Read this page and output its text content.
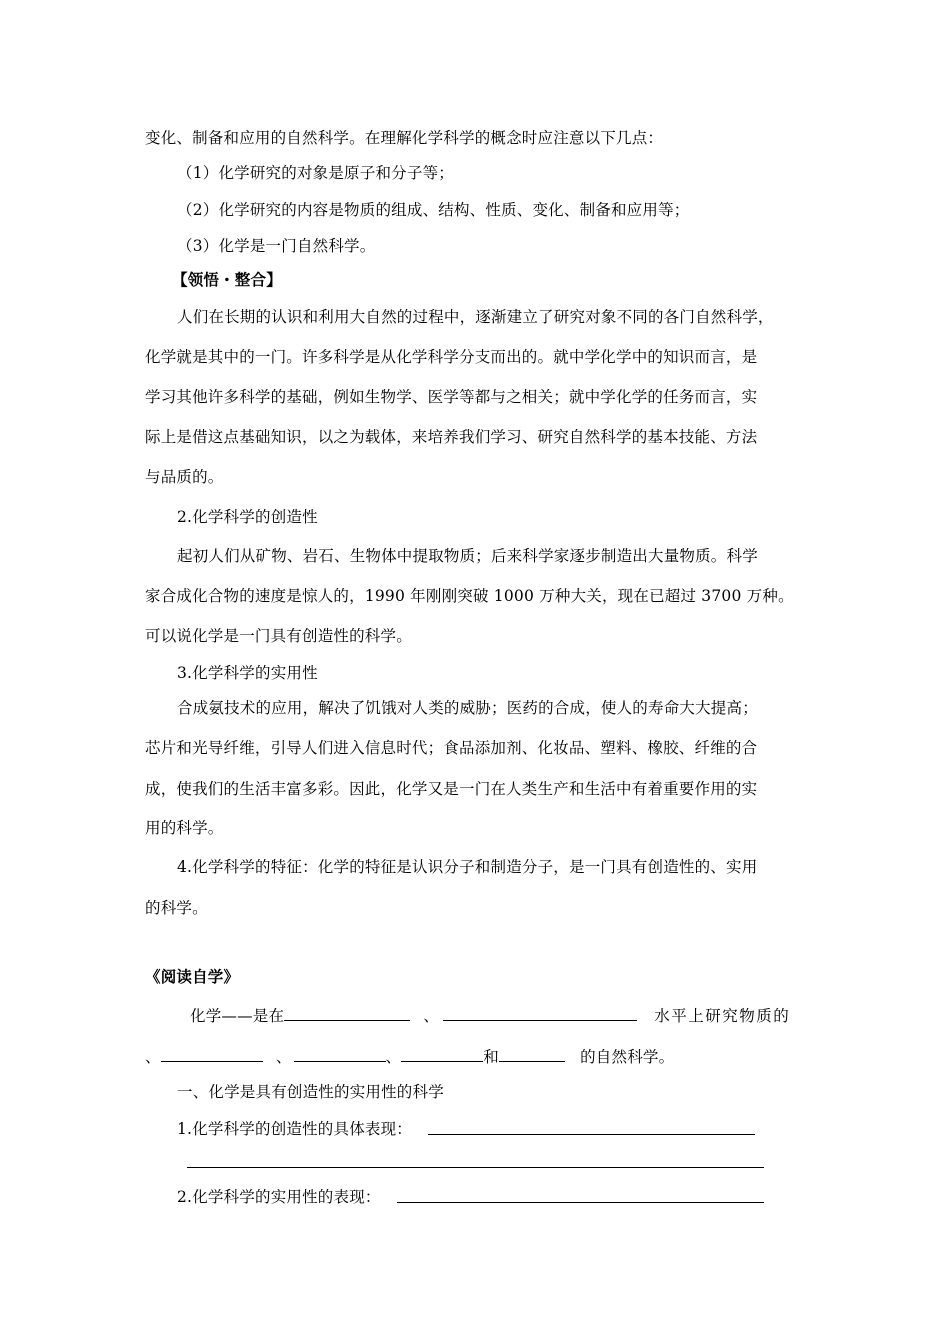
变化、制备和应用的自然科学。在理解化学科学的概念时应注意以下几点：
（1）化学研究的对象是原子和分子等；
（2）化学研究的内容是物质的组成、结构、性质、变化、制备和应用等；
（3）化学是一门自然科学。
【领悟・整合】
人们在长期的认识和利用大自然的过程中，逐渐建立了研究对象不同的各门自然科学，
化学就是其中的一门。许多科学是从化学科学分支而出的。就中学化学中的知识而言，是
学习其他许多科学的基础，例如生物学、医学等都与之相关；就中学化学的任务而言，实
际上是借这点基础知识，以之为载体，来培养我们学习、研究自然科学的基本技能、方法
与品质的。
2.化学科学的创造性
起初人们从矿物、岩石、生物体中提取物质；后来科学家逐步制造出大量物质。科学
家合成化合物的速度是惊人的，1990 年刚刚突破 1000 万种大关，现在已超过 3700 万种。
可以说化学是一门具有创造性的科学。
3.化学科学的实用性
合成氨技术的应用，解决了饥饿对人类的威胁；医药的合成，使人的寿命大大提高；
芯片和光导纤维，引导人们进入信息时代；食品添加剂、化妆品、塑料、橡胶、纤维的合
成，使我们的生活丰富多彩。因此，化学又是一门在人类生产和生活中有着重要作用的实
用的科学。
4.化学科学的特征：化学的特征是认识分子和制造分子，是一门具有创造性的、实用
的科学。
《阅读自学》
化学——是在	、	水平上研究物质的
、	、	、	和	的自然科学。
一、化学是具有创造性的实用性的科学
1.化学科学的创造性的具体表现：
2.化学科学的实用性的表现：
